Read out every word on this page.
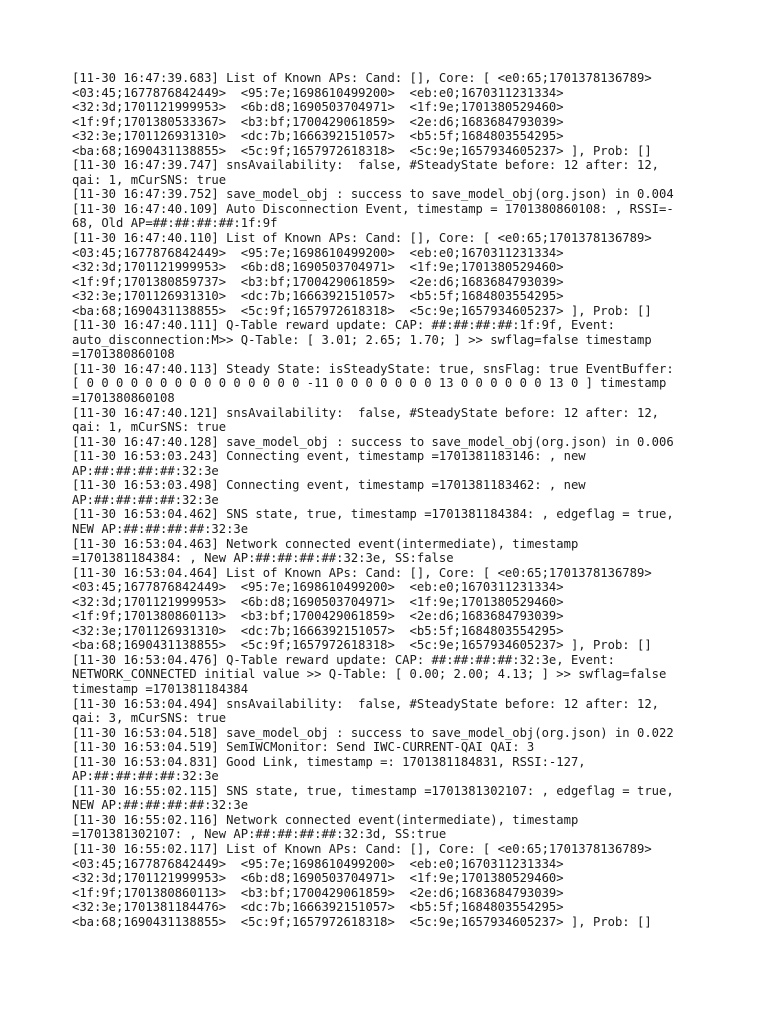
[11-30 16:47:39.683] List of Known APs: Cand: [], Core: [ <e0:65;1701378136789>
<03:45;1677876842449>  <95:7e;1698610499200>  <eb:e0;1670311231334>
<32:3d;1701121999953>  <6b:d8;1690503704971>  <1f:9e;1701380529460>
<1f:9f;1701380533367>  <b3:bf;1700429061859>  <2e:d6;1683684793039>
<32:3e;1701126931310>  <dc:7b;1666392151057>  <b5:5f;1684803554295>
<ba:68;1690431138855>  <5c:9f;1657972618318>  <5c:9e;1657934605237> ], Prob: []
[11-30 16:47:39.747] snsAvailability:  false, #SteadyState before: 12 after: 12,
qai: 1, mCurSNS: true
[11-30 16:47:39.752] save_model_obj : success to save_model_obj(org.json) in 0.004
[11-30 16:47:40.109] Auto Disconnection Event, timestamp = 1701380860108: , RSSI=-
68, Old AP=##:##:##:##:1f:9f
[11-30 16:47:40.110] List of Known APs: Cand: [], Core: [ <e0:65;1701378136789>
<03:45;1677876842449>  <95:7e;1698610499200>  <eb:e0;1670311231334>
<32:3d;1701121999953>  <6b:d8;1690503704971>  <1f:9e;1701380529460>
<1f:9f;1701380859737>  <b3:bf;1700429061859>  <2e:d6;1683684793039>
<32:3e;1701126931310>  <dc:7b;1666392151057>  <b5:5f;1684803554295>
<ba:68;1690431138855>  <5c:9f;1657972618318>  <5c:9e;1657934605237> ], Prob: []
[11-30 16:47:40.111] Q-Table reward update: CAP: ##:##:##:##:1f:9f, Event:
auto_disconnection:M>> Q-Table: [ 3.01; 2.65; 1.70; ] >> swflag=false timestamp
=1701380860108
[11-30 16:47:40.113] Steady State: isSteadyState: true, snsFlag: true EventBuffer:
[ 0 0 0 0 0 0 0 0 0 0 0 0 0 0 0 -11 0 0 0 0 0 0 0 13 0 0 0 0 0 0 13 0 ] timestamp
=1701380860108
[11-30 16:47:40.121] snsAvailability:  false, #SteadyState before: 12 after: 12,
qai: 1, mCurSNS: true
[11-30 16:47:40.128] save_model_obj : success to save_model_obj(org.json) in 0.006
[11-30 16:53:03.243] Connecting event, timestamp =1701381183146: , new
AP:##:##:##:##:32:3e
[11-30 16:53:03.498] Connecting event, timestamp =1701381183462: , new
AP:##:##:##:##:32:3e
[11-30 16:53:04.462] SNS state, true, timestamp =1701381184384: , edgeflag = true,
NEW AP:##:##:##:##:32:3e
[11-30 16:53:04.463] Network connected event(intermediate), timestamp
=1701381184384: , New AP:##:##:##:##:32:3e, SS:false
[11-30 16:53:04.464] List of Known APs: Cand: [], Core: [ <e0:65;1701378136789>
<03:45;1677876842449>  <95:7e;1698610499200>  <eb:e0;1670311231334>
<32:3d;1701121999953>  <6b:d8;1690503704971>  <1f:9e;1701380529460>
<1f:9f;1701380860113>  <b3:bf;1700429061859>  <2e:d6;1683684793039>
<32:3e;1701126931310>  <dc:7b;1666392151057>  <b5:5f;1684803554295>
<ba:68;1690431138855>  <5c:9f;1657972618318>  <5c:9e;1657934605237> ], Prob: []
[11-30 16:53:04.476] Q-Table reward update: CAP: ##:##:##:##:32:3e, Event:
NETWORK_CONNECTED initial value >> Q-Table: [ 0.00; 2.00; 4.13; ] >> swflag=false
timestamp =1701381184384
[11-30 16:53:04.494] snsAvailability:  false, #SteadyState before: 12 after: 12,
qai: 3, mCurSNS: true
[11-30 16:53:04.518] save_model_obj : success to save_model_obj(org.json) in 0.022
[11-30 16:53:04.519] SemIWCMonitor: Send IWC-CURRENT-QAI QAI: 3
[11-30 16:53:04.831] Good Link, timestamp =: 1701381184831, RSSI:-127,
AP:##:##:##:##:32:3e
[11-30 16:55:02.115] SNS state, true, timestamp =1701381302107: , edgeflag = true,
NEW AP:##:##:##:##:32:3e
[11-30 16:55:02.116] Network connected event(intermediate), timestamp
=1701381302107: , New AP:##:##:##:##:32:3d, SS:true
[11-30 16:55:02.117] List of Known APs: Cand: [], Core: [ <e0:65;1701378136789>
<03:45;1677876842449>  <95:7e;1698610499200>  <eb:e0;1670311231334>
<32:3d;1701121999953>  <6b:d8;1690503704971>  <1f:9e;1701380529460>
<1f:9f;1701380860113>  <b3:bf;1700429061859>  <2e:d6;1683684793039>
<32:3e;1701381184476>  <dc:7b;1666392151057>  <b5:5f;1684803554295>
<ba:68;1690431138855>  <5c:9f;1657972618318>  <5c:9e;1657934605237> ], Prob: []
